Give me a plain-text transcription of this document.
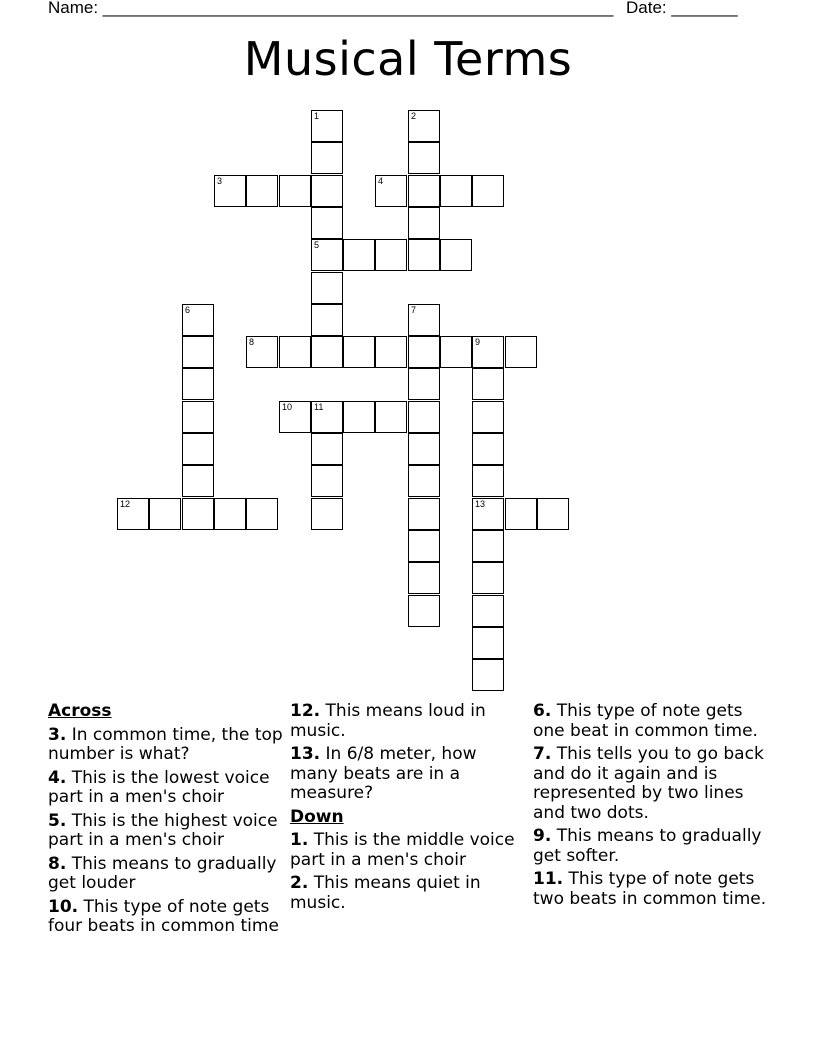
Name: ______________________________________________________ Date: _______
Musical Terms
1
5
2
3	4
6	7
8	9
13
10 11
12
Across
3. In common time, the top number is what?
4. This is the lowest voice part in a men's choir
5. This is the highest voice part in a men's choir
8. This means to gradually get louder
10. This type of note gets four beats in common time
12. This means loud in music.
13. In 6/8 meter, how many beats are in a measure?
Down
1. This is the middle voice part in a men's choir
2. This means quiet in music.
6. This type of note gets one beat in common time.
7. This tells you to go back and do it again and is represented by two lines and two dots.
9. This means to gradually get softer.
11. This type of note gets two beats in common time.
